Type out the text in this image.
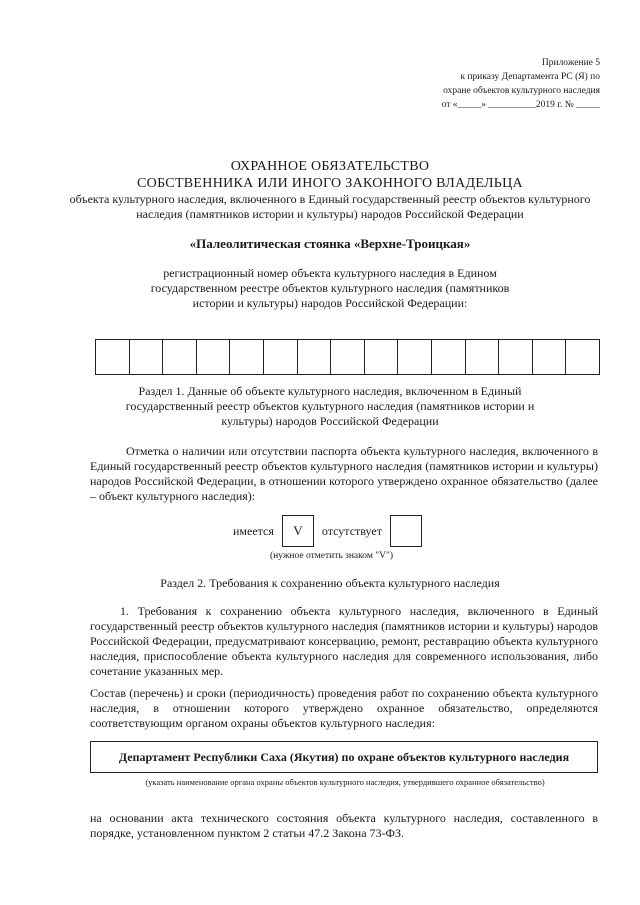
Приложение 5
к приказу Департамента РС (Я) по
охране объектов культурного наследия
от «_____» __________2019 г. № _____
ОХРАННОЕ ОБЯЗАТЕЛЬСТВО
СОБСТВЕННИКА ИЛИ ИНОГО ЗАКОННОГО ВЛАДЕЛЬЦА
объекта культурного наследия, включенного в Единый государственный реестр объектов культурного наследия (памятников истории и культуры) народов Российской Федерации
«Палеолитическая стоянка «Верхне-Троицкая»
регистрационный номер объекта культурного наследия в Едином государственном реестре объектов культурного наследия (памятников истории и культуры) народов Российской Федерации:
Раздел 1. Данные об объекте культурного наследия, включенном в Единый государственный реестр объектов культурного наследия (памятников истории и культуры) народов Российской Федерации
Отметка о наличии или отсутствии паспорта объекта культурного наследия, включенного в Единый государственный реестр объектов культурного наследия (памятников истории и культуры) народов Российской Федерации, в отношении которого утверждено охранное обязательство (далее – объект культурного наследия):
имеется	V	отсутствует
(нужное отметить знаком "V")
Раздел 2. Требования к сохранению объекта культурного наследия
1. Требования к сохранению объекта культурного наследия, включенного в Единый государственный реестр объектов культурного наследия (памятников истории и культуры) народов Российской Федерации, предусматривают консервацию, ремонт, реставрацию объекта культурного наследия, приспособление объекта культурного наследия для современного использования, либо сочетание указанных мер.
Состав (перечень) и сроки (периодичность) проведения работ по сохранению объекта культурного наследия, в отношении которого утверждено охранное обязательство, определяются соответствующим органом охраны объектов культурного наследия:
Департамент Республики Саха (Якутия) по охране объектов культурного наследия
(указать наименование органа охраны объектов культурного наследия, утвердившего охранное обязательство)
на основании акта технического состояния объекта культурного наследия, составленного в порядке, установленном пунктом 2 статьи 47.2 Закона 73-ФЗ.
